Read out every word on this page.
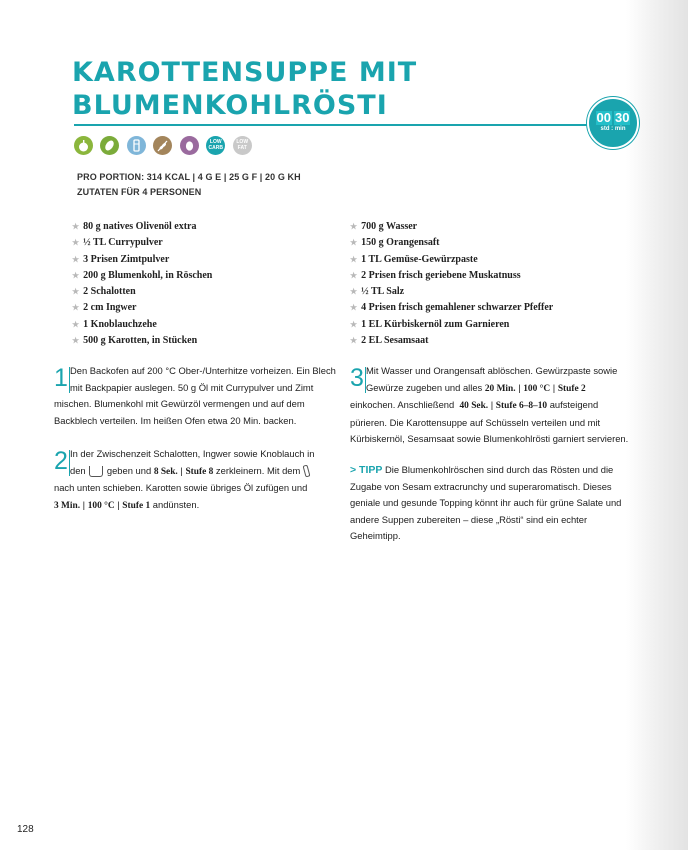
KAROTTENSUPPE MIT
BLUMENKOHLRÖSTI	00 30
std : min
LOW CARB LOW FAT
PRO PORTION: 314 KCAL | 4 G E | 25 G F | 20 G KH
ZUTATEN FÜR 4 PERSONEN
★ 80 g natives Olivenöl extra
★ ½ TL Currypulver
★ 3 Prisen Zimtpulver
★ 200 g Blumenkohl, in Röschen
★ 2 Schalotten
★ 2 cm Ingwer
★ 1 Knoblauchzehe
★ 500 g Karotten, in Stücken
★ 700 g Wasser
★ 150 g Orangensaft
★ 1 TL Gemüse-Gewürzpaste
★ 2 Prisen frisch geriebene Muskatnuss
★ ½ TL Salz
★ 4 Prisen frisch gemahlener schwarzer Pfeffer
★ 1 EL Kürbiskernöl zum Garnieren
★ 2 EL Sesamsaat
1 Den Backofen auf 200 °C Ober-/Unterhitze vorheizen. Ein Blech
mit Backpapier auslegen. 50 g Öl mit Currypulver und Zimt
mischen. Blumenkohl mit Gewürzöl vermengen und auf dem
Backblech verteilen. Im heißen Ofen etwa 20 Min. backen.

2 In der Zwischenzeit Schalotten, Ingwer sowie Knoblauch in
den geben und 8 Sek. | Stufe 8 zerkleinern. Mit dem
nach unten schieben. Karotten sowie übriges Öl zufügen und
3 Min. | 100 °C | Stufe 1 andünsten.

3 Mit Wasser und Orangensaft ablöschen. Gewürzpaste sowie
Gewürze zugeben und alles 20 Min. | 100 °C | Stufe 2
einkochen. Anschließend 40 Sek. | Stufe 6–8–10 aufsteigend
pürieren. Die Karottensuppe auf Schüsseln verteilen und mit
Kürbiskernöl, Sesamsaat sowie Blumenkohlrösti garniert servieren.

> TIPP Die Blumenkohlröschen sind durch das Rösten und die
Zugabe von Sesam extracrunchy und superaromatisch. Dieses
geniale und gesunde Topping könnt ihr auch für grüne Salate und
andere Suppen zubereiten – diese „Rösti“ sind ein echter
Geheimtipp.
128
